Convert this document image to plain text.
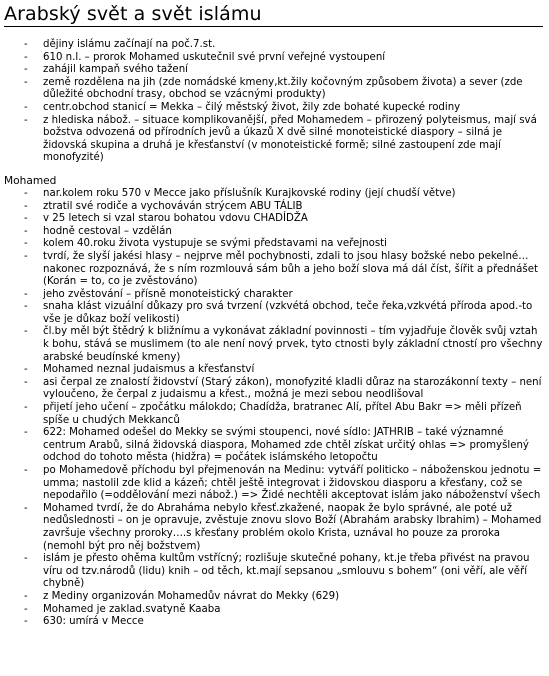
Arabský svět a svět islámu
- dějiny islámu začínají na poč.7.st.
- 610 n.l. – prorok Mohamed uskutečnil své první veřejné vystoupení
- zahájil kampaň svého tažení
- země rozdělena na jih (zde nomádské kmeny,kt.žily kočovným způsobem života) a sever (zde důležité obchodní trasy, obchod se vzácnými produkty)
- centr.obchod stanicí = Mekka – čilý městský život, žily zde bohaté kupecké rodiny
- z hlediska nábož. – situace komplikovanější, před Mohamedem – přirozený polyteismus, mají svá božstva odvozená od přírodních jevů a úkazů X dvě silné monoteistické diaspory – silná je židovská skupina a druhá je křesťanství (v monoteistické formě; silné zastoupení zde mají monofyzité)
Mohamed
- nar.kolem roku 570 v Mecce jako příslušník Kurajkovské rodiny (její chudší větve)
- ztratil své rodiče a vychováván strýcem ABU TÁLIB
- v 25 letech si vzal starou bohatou vdovu CHADÍDŽA
- hodně cestoval – vzdělán
- kolem 40.roku života vystupuje se svými představami na veřejnosti
- tvrdí, že slyší jakési hlasy – nejprve měl pochybnosti, zdali to jsou hlasy božské nebo pekelné…nakonec rozpoznává, že s ním rozmlouvá sám bůh a jeho boží slova má dál číst, šířit a přednášet (Korán = to, co je zvěstováno)
- jeho zvěstování – přísně monoteistický charakter
- snaha klást vizuální důkazy pro svá tvrzení (vzkvétá obchod, teče řeka,vzkvétá příroda apod.-to vše je důkaz boží velikosti)
- čl.by měl být štědrý k bližnímu a vykonávat základní povinnosti – tím vyjadřuje člověk svůj vztah k bohu, stává se muslimem (to ale není nový prvek, tyto ctnosti byly základní ctností pro všechny arabské beudínské kmeny)
- Mohamed neznal judaismus a křesťanství
- asi čerpal ze znalostí židovství (Starý zákon), monofyzité kladli důraz na starozákonní texty – není vyloučeno, že čerpal z judaismu a křest., možná je mezi sebou neodlišoval
- přijetí jeho učení – zpočátku málokdo; Chadídža, bratranec Alí, přítel Abu Bakr => měli přízeň spíše u chudých Mekkanců
- 622: Mohamed odešel do Mekky se svými stoupenci, nové sídlo: JATHRIB – také významné centrum Arabů, silná židovská diaspora, Mohamed zde chtěl získat určitý ohlas => promyšlený odchod do tohoto města (hidžra) = počátek islámského letopočtu
- po Mohamedově příchodu byl přejmenován na Medinu: vytváří politicko – náboženskou jednotu = umma; nastolil zde klid a kázeň; chtěl ještě integrovat i židovskou diasporu a křesťany, což se nepodařilo (=oddělování mezi nábož.) => Židé nechtěli akceptovat islám jako náboženství všech
- Mohamed tvrdí, že do Abraháma nebylo křesť.zkažené, naopak že bylo správné, ale poté už nedůslednosti – on je opravuje, zvěstuje znovu slovo Boží (Abrahám arabsky Ibrahim) – Mohamed završuje všechny proroky….s křesťany problém okolo Krista, uznával ho pouze za proroka (nemohl být pro něj božstvem)
- islám je přesto ohěma kultům vstřícný; rozlišuje skutečné pohany, kt.je třeba přivést na pravou víru od tzv.národů (lidu) knih – od těch, kt.mají sepsanou „smlouvu s bohem“ (oni věří, ale věří chybně)
- z Mediny organizován Mohamedův návrat do Mekky (629)
- Mohamed je zaklad.svatyně Kaaba
- 630: umírá v Mecce
